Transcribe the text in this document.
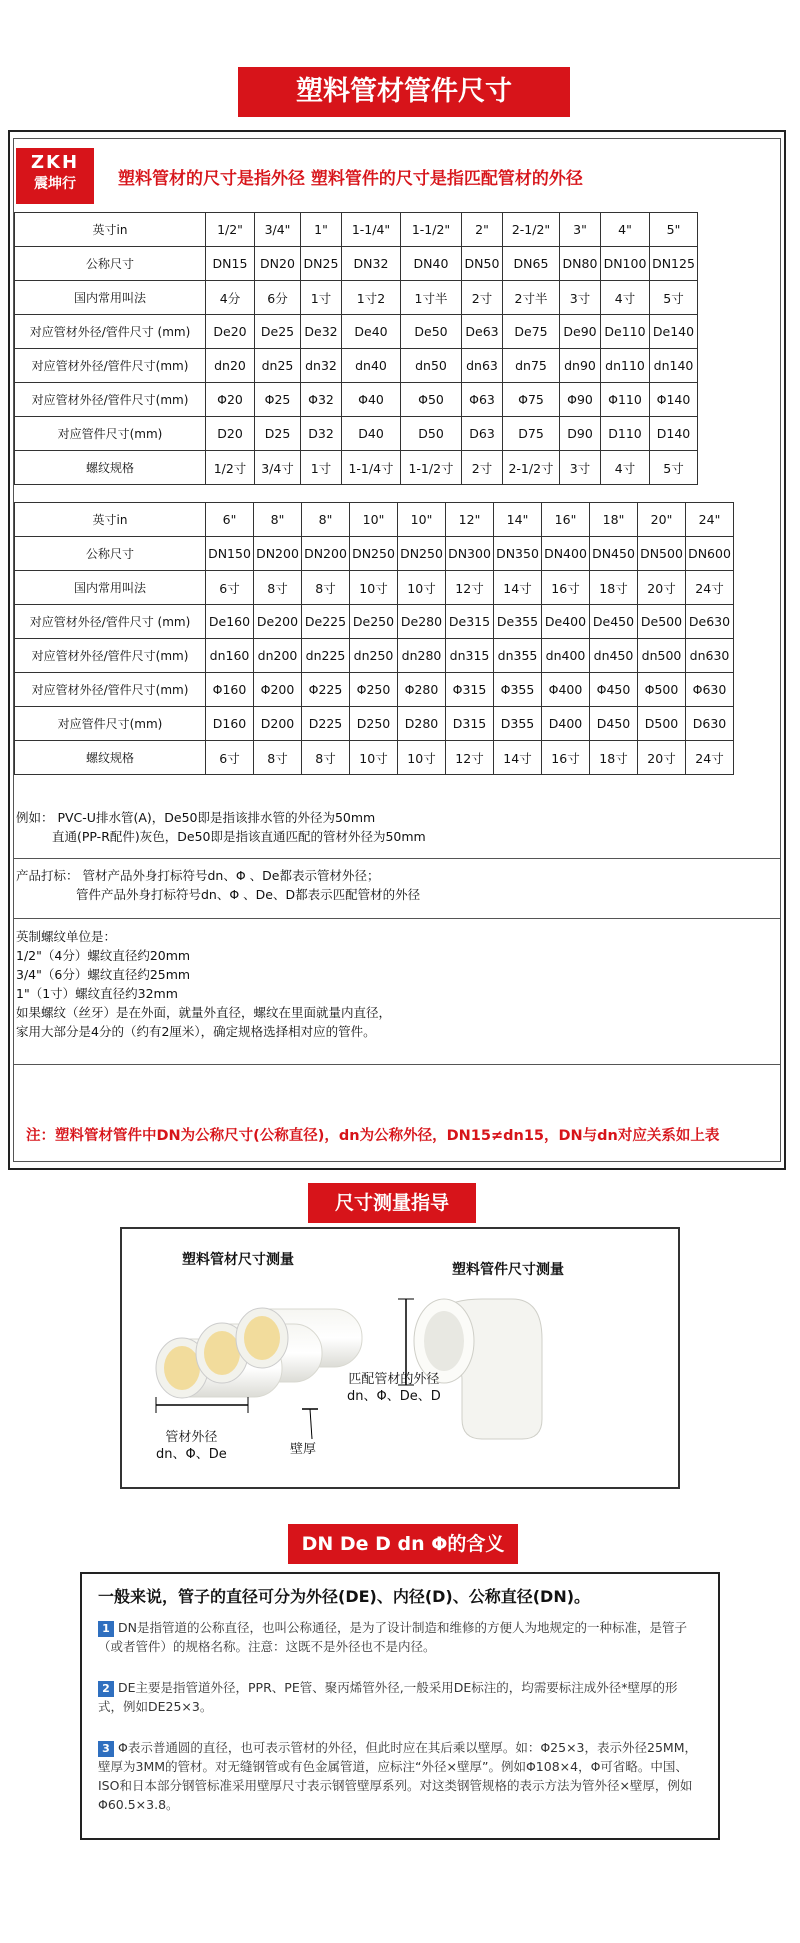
塑料管材管件尺寸
ZKH
震坤行	塑料管材的尺寸是指外径 塑料管件的尺寸是指匹配管材的外径
英寸in	1/2"	3/4"	1"	1-1/4"	1-1/2"	2"	2-1/2"	3"	4"	5"
公称尺寸	DN15	DN20	DN25	DN32	DN40	DN50	DN65	DN80	DN100	DN125
国内常用叫法	4分	6分	1寸	1寸2	1寸半	2寸	2寸半	3寸	4寸	5寸
对应管材外径/管件尺寸 (mm)	De20	De25	De32	De40	De50	De63	De75	De90	De110	De140
对应管材外径/管件尺寸(mm)	dn20	dn25	dn32	dn40	dn50	dn63	dn75	dn90	dn110	dn140
对应管材外径/管件尺寸(mm)	Φ20	Φ25	Φ32	Φ40	Φ50	Φ63	Φ75	Φ90	Φ110	Φ140
对应管件尺寸(mm)	D20	D25	D32	D40	D50	D63	D75	D90	D110	D140
螺纹规格	1/2寸	3/4寸	1寸	1-1/4寸	1-1/2寸	2寸	2-1/2寸	3寸	4寸	5寸
英寸in	6"	8"	8"	10"	10"	12"	14"	16"	18"	20"	24"
公称尺寸	DN150	DN200	DN200	DN250	DN250	DN300	DN350	DN400	DN450	DN500	DN600
国内常用叫法	6寸	8寸	8寸	10寸	10寸	12寸	14寸	16寸	18寸	20寸	24寸
对应管材外径/管件尺寸 (mm)	De160	De200	De225	De250	De280	De315	De355	De400	De450	De500	De630
对应管材外径/管件尺寸(mm)	dn160	dn200	dn225	dn250	dn280	dn315	dn355	dn400	dn450	dn500	dn630
对应管材外径/管件尺寸(mm)	Φ160	Φ200	Φ225	Φ250	Φ280	Φ315	Φ355	Φ400	Φ450	Φ500	Φ630
对应管件尺寸(mm)	D160	D200	D225	D250	D280	D315	D355	D400	D450	D500	D630
螺纹规格	6寸	8寸	8寸	10寸	10寸	12寸	14寸	16寸	18寸	20寸	24寸
例如： PVC-U排水管(A)，De50即是指该排水管的外径为50mm
直通(PP-R配件)灰色，De50即是指该直通匹配的管材外径为50mm
产品打标： 管材产品外身打标符号dn、Φ 、De都表示管材外径；
管件产品外身打标符号dn、Φ 、De、D都表示匹配管材的外径
英制螺纹单位是：
1/2"（4分）螺纹直径约20mm
3/4"（6分）螺纹直径约25mm
1"（1寸）螺纹直径约32mm
如果螺纹（丝牙）是在外面，就量外直径，螺纹在里面就量内直径，
家用大部分是4分的（约有2厘米），确定规格选择相对应的管件。
注：塑料管材管件中DN为公称尺寸(公称直径)，dn为公称外径，DN15≠dn15，DN与dn对应关系如上表
尺寸测量指导
塑料管材尺寸测量
塑料管件尺寸测量
管材外径
dn、Φ、De	壁厚
匹配管材的外径
dn、Φ、De、D
DN De D dn Φ的含义
一般来说，管子的直径可分为外径(DE)、内径(D)、公称直径(DN)。
1 DN是指管道的公称直径，也叫公称通径，是为了设计制造和维修的方便人为地规定的一种标准，是管子（或者管件）的规格名称。注意：这既不是外径也不是内径。
2 DE主要是指管道外径，PPR、PE管、聚丙烯管外径,一般采用DE标注的，均需要标注成外径*壁厚的形式，例如DE25×3。
3 Φ表示普通圆的直径，也可表示管材的外径，但此时应在其后乘以壁厚。如：Φ25×3，表示外径25MM，壁厚为3MM的管材。对无缝钢管或有色金属管道，应标注“外径×壁厚”。例如Φ108×4，Φ可省略。中国、ISO和日本部分钢管标准采用壁厚尺寸表示钢管壁厚系列。对这类钢管规格的表示方法为管外径×壁厚，例如Φ60.5×3.8。
